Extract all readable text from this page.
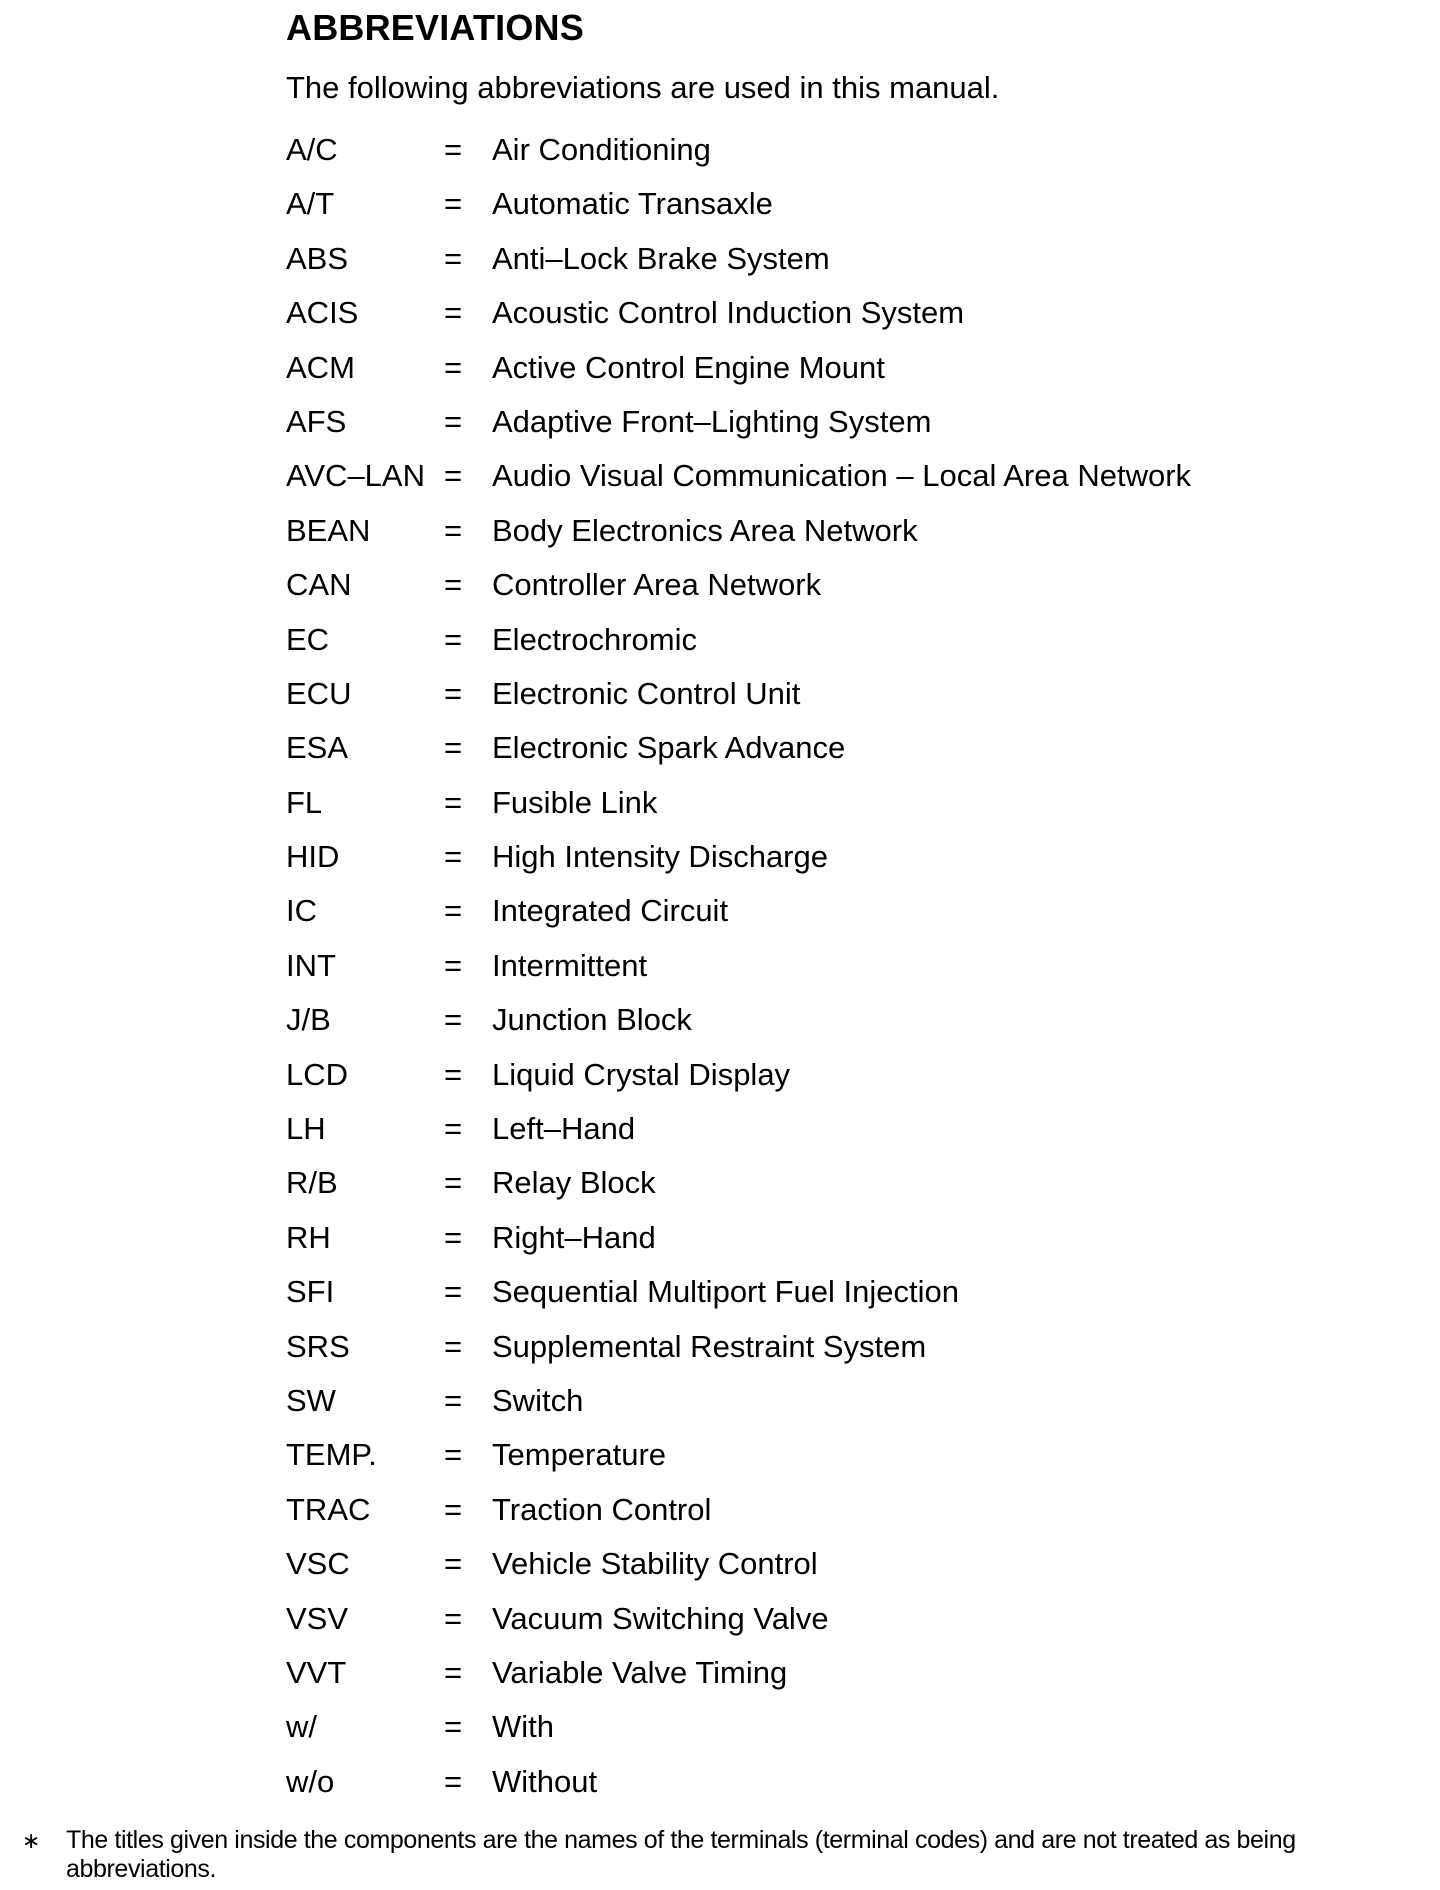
ABBREVIATIONS

The following abbreviations are used in this manual.

A/C	= Air Conditioning
A/T	= Automatic Transaxle
ABS	= Anti–Lock Brake System
ACIS	= Acoustic Control Induction System
ACM	= Active Control Engine Mount
AFS	= Adaptive Front–Lighting System
AVC–LAN = Audio Visual Communication – Local Area Network
BEAN	= Body Electronics Area Network
CAN	= Controller Area Network
EC	= Electrochromic
ECU	= Electronic Control Unit
ESA	= Electronic Spark Advance
FL	= Fusible Link
HID	= High Intensity Discharge
IC	= Integrated Circuit
INT	= Intermittent
J/B	= Junction Block
LCD	= Liquid Crystal Display
LH	= Left–Hand
R/B	= Relay Block
RH	= Right–Hand
SFI	= Sequential Multiport Fuel Injection
SRS	= Supplemental Restraint System
SW	= Switch
TEMP.	= Temperature
TRAC	= Traction Control
VSC	= Vehicle Stability Control
VSV	= Vacuum Switching Valve
VVT	= Variable Valve Timing
w/	= With
w/o	= Without
∗	The titles given inside the components are the names of the terminals (terminal codes) and are not treated as being abbreviations.
